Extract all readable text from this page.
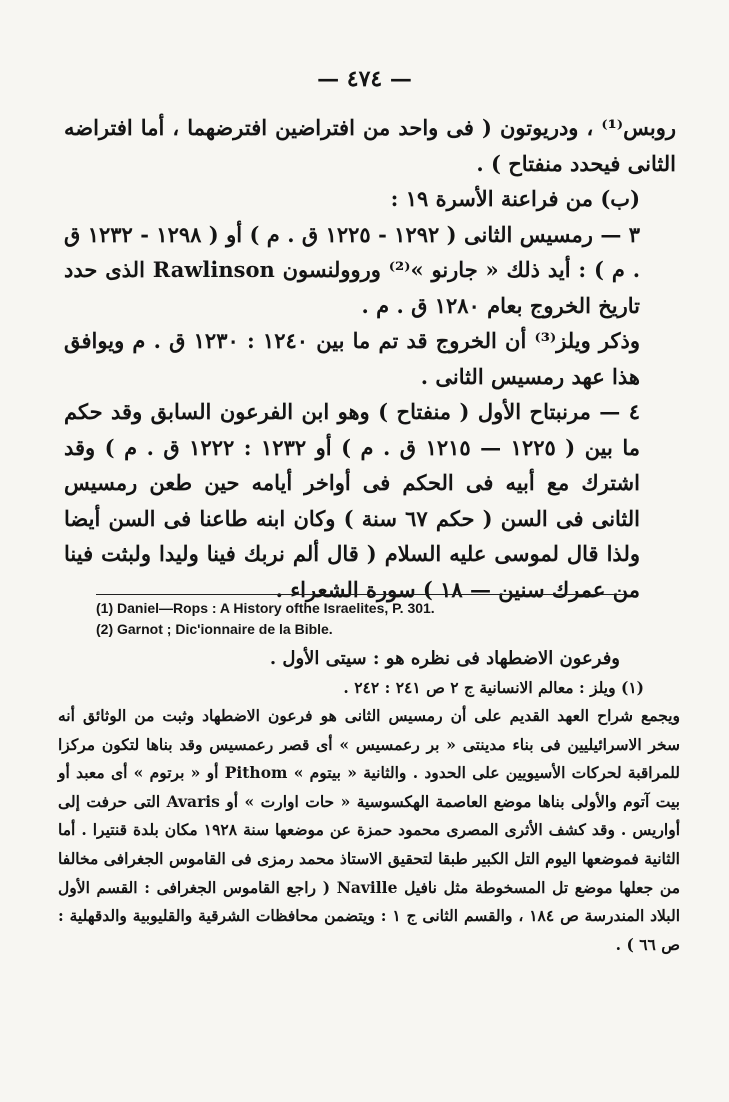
— ٤٧٤ —

روبس⁽¹⁾ ، ودريوتون ( فى واحد من افتراضين افترضهما ، أما افتراضه الثانى فيحدد منفتاح ) .

(ب) من فراعنة الأسرة ١٩ :

٣ — رمسيس الثانى ( ١٢٩٢ - ١٢٢٥ ق . م ) أو ( ١٢٩٨ - ١٢٣٢ ق . م ) : أيد ذلك « جارنو »⁽²⁾ وروولنسون Rawlinson الذى حدد تاريخ الخروج بعام ١٢٨٠ ق . م .

وذكر ويلز⁽³⁾ أن الخروج قد تم ما بين ١٢٤٠ : ١٢٣٠ ق . م ويوافق هذا عهد رمسيس الثانى .

٤ — مرنبتاح الأول ( منفتاح ) وهو ابن الفرعون السابق وقد حكم ما بين ( ١٢٢٥ — ١٢١٥ ق . م ) أو ١٢٣٢ : ١٢٢٢ ق . م ) وقد اشترك مع أبيه فى الحكم فى أواخر أيامه حين طعن رمسيس الثانى فى السن ( حكم ٦٧ سنة ) وكان ابنه طاعنا فى السن أيضا ولذا قال لموسى عليه السلام ( قال ألم نربك فينا وليدا ولبثت فينا من عمرك سنين — ١٨ ) سورة الشعراء .

(1) Daniel—Rops : A History ofthe Israelites, P. 301.
(2) Garnot ; Dic'ionnaire de la Bible.

وفرعون الاضطهاد فى نظره هو : سيتى الأول .

(١) ويلز : معالم الانسانية ج ٢ ص ٢٤١ : ٢٤٢ .

ويجمع شراح العهد القديم على أن رمسيس الثانى هو فرعون الاضطهاد وثبت من الوثائق أنه سخر الاسرائيليين فى بناء مدينتى « بر رعمسيس » أى قصر رعمسيس وقد بناها لتكون مركزا للمراقبة لحركات الأسيويين على الحدود . والثانية « بيتوم » Pithom أو « برتوم » أى معبد أو بيت آتوم والأولى بناها موضع العاصمة الهكسوسية « حات اوارت » أو Avaris التى حرفت إلى أواريس . وقد كشف الأثرى المصرى محمود حمزة عن موضعها سنة ١٩٢٨ مكان بلدة قنتيرا . أما الثانية فموضعها اليوم التل الكبير طبقا لتحقيق الاستاذ محمد رمزى فى القاموس الجغرافى مخالفا من جعلها موضع تل المسخوطة مثل نافيل Naville ( راجع القاموس الجغرافى : القسم الأول البلاد المندرسة ص ١٨٤ ، والقسم الثانى ج ١ : ويتضمن محافظات الشرقية والقليوبية والدقهلية : ص ٦٦ ) .
